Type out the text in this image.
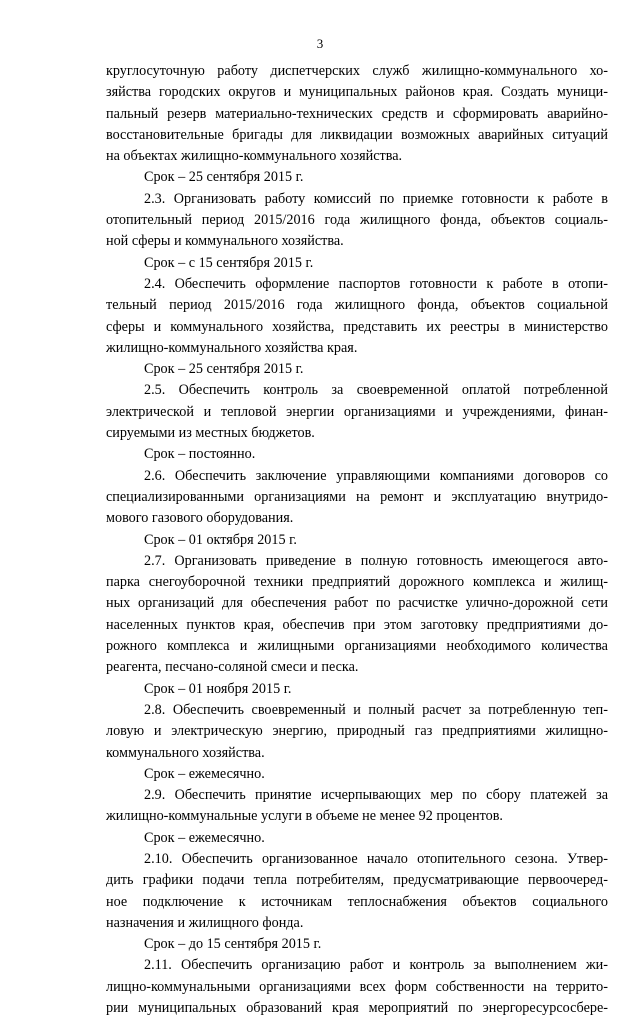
3
круглосуточную работу диспетчерских служб жилищно-коммунального хо-
зяйства городских округов и муниципальных районов края. Создать муници-
пальный резерв материально-технических средств и сформировать аварийно-
восстановительные бригады для ликвидации возможных аварийных ситуаций
на объектах жилищно-коммунального хозяйства.
Срок – 25 сентября 2015 г.
2.3. Организовать работу комиссий по приемке готовности к работе в
отопительный период 2015/2016 года жилищного фонда, объектов социаль-
ной сферы и коммунального хозяйства.
Срок – с 15 сентября 2015 г.
2.4. Обеспечить оформление паспортов готовности к работе в отопи-
тельный период 2015/2016 года жилищного фонда, объектов социальной
сферы и коммунального хозяйства, представить их реестры в министерство
жилищно-коммунального хозяйства края.
Срок – 25 сентября 2015 г.
2.5. Обеспечить контроль за своевременной оплатой потребленной
электрической и тепловой энергии организациями и учреждениями, финан-
сируемыми из местных бюджетов.
Срок – постоянно.
2.6. Обеспечить заключение управляющими компаниями договоров со
специализированными организациями на ремонт и эксплуатацию внутридо-
мового газового оборудования.
Срок – 01 октября 2015 г.
2.7. Организовать приведение в полную готовность имеющегося авто-
парка снегоуборочной техники предприятий дорожного комплекса и жилищ-
ных организаций для обеспечения работ по расчистке улично-дорожной сети
населенных пунктов края, обеспечив при этом заготовку предприятиями до-
рожного комплекса и жилищными организациями необходимого количества
реагента, песчано-соляной смеси и песка.
Срок – 01 ноября 2015 г.
2.8. Обеспечить своевременный и полный расчет за потребленную теп-
ловую и электрическую энергию, природный газ предприятиями жилищно-
коммунального хозяйства.
Срок – ежемесячно.
2.9. Обеспечить принятие исчерпывающих мер по сбору платежей за
жилищно-коммунальные услуги в объеме не менее 92 процентов.
Срок – ежемесячно.
2.10. Обеспечить организованное начало отопительного сезона. Утвер-
дить графики подачи тепла потребителям, предусматривающие первоочеред-
ное подключение к источникам теплоснабжения объектов социального
назначения и жилищного фонда.
Срок – до 15 сентября 2015 г.
2.11. Обеспечить организацию работ и контроль за выполнением жи-
лищно-коммунальными организациями всех форм собственности на террито-
рии муниципальных образований края мероприятий по энергоресурсосбере-
